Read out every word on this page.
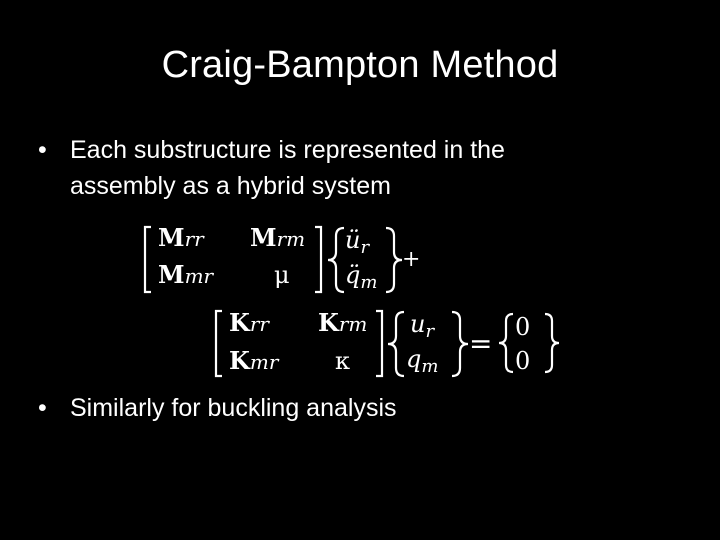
Craig-Bampton Method
• Each substructure is represented in the
assembly as a hybrid system
Mrr Mrm
Mmr	μ
$ü_r$
$q̈_m$
+
Krr Krm
Kmr κ
$u_r$
$q_m$
= 0
0
• Similarly for buckling analysis
